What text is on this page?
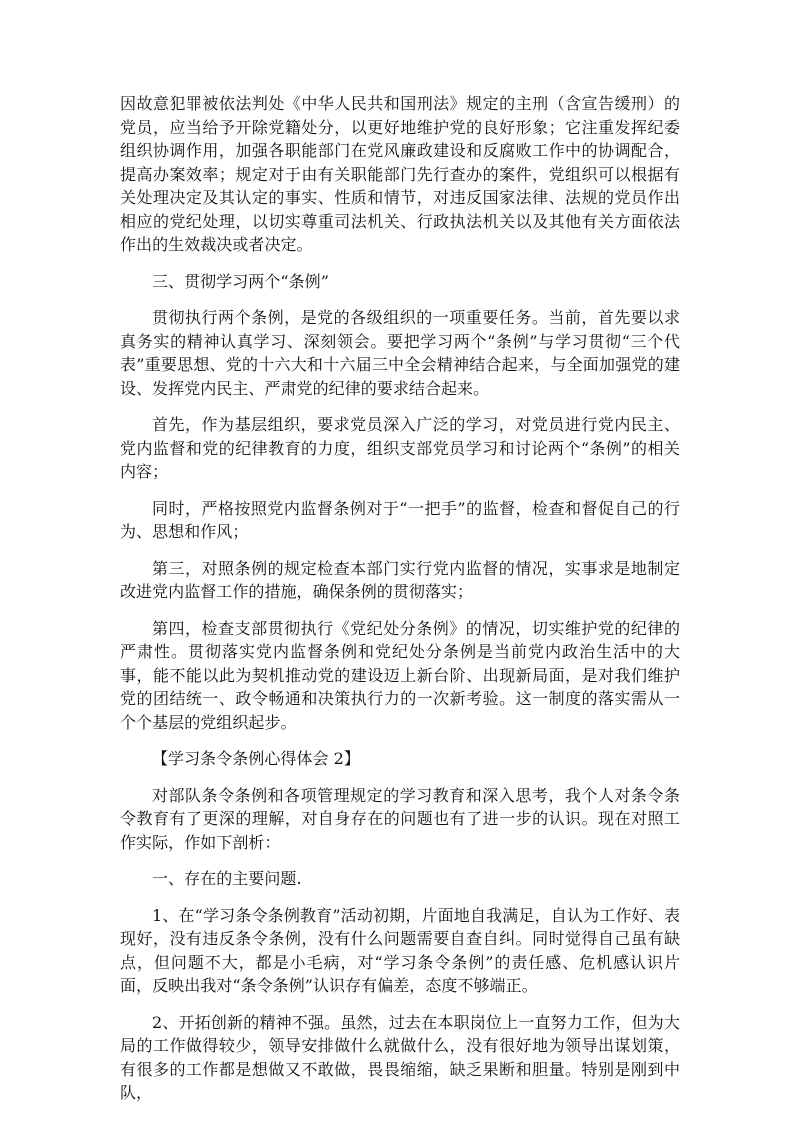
因故意犯罪被依法判处《中华人民共和国刑法》规定的主刑（含宣告缓刑）的党员，应当给予开除党籍处分，以更好地维护党的良好形象；它注重发挥纪委组织协调作用，加强各职能部门在党风廉政建设和反腐败工作中的协调配合，提高办案效率；规定对于由有关职能部门先行查办的案件，党组织可以根据有关处理决定及其认定的事实、性质和情节，对违反国家法律、法规的党员作出相应的党纪处理，以切实尊重司法机关、行政执法机关以及其他有关方面依法作出的生效裁决或者决定。

三、贯彻学习两个“条例”

贯彻执行两个条例，是党的各级组织的一项重要任务。当前，首先要以求真务实的精神认真学习、深刻领会。要把学习两个“条例”与学习贯彻“三个代表”重要思想、党的十六大和十六届三中全会精神结合起来，与全面加强党的建设、发挥党内民主、严肃党的纪律的要求结合起来。

首先，作为基层组织，要求党员深入广泛的学习，对党员进行党内民主、党内监督和党的纪律教育的力度，组织支部党员学习和讨论两个“条例”的相关内容；

同时，严格按照党内监督条例对于“一把手”的监督，检查和督促自己的行为、思想和作风；

第三，对照条例的规定检查本部门实行党内监督的情况，实事求是地制定改进党内监督工作的措施，确保条例的贯彻落实；

第四，检查支部贯彻执行《党纪处分条例》的情况，切实维护党的纪律的严肃性。贯彻落实党内监督条例和党纪处分条例是当前党内政治生活中的大事，能不能以此为契机推动党的建设迈上新台阶、出现新局面，是对我们维护党的团结统一、政令畅通和决策执行力的一次新考验。这一制度的落实需从一个个基层的党组织起步。

【学习条令条例心得体会 2】

对部队条令条例和各项管理规定的学习教育和深入思考，我个人对条令条令教育有了更深的理解，对自身存在的问题也有了进一步的认识。现在对照工作实际，作如下剖析：

一、存在的主要问题.

1、在“学习条令条例教育”活动初期，片面地自我满足，自认为工作好、表现好，没有违反条令条例，没有什么问题需要自查自纠。同时觉得自己虽有缺点，但问题不大，都是小毛病，对“学习条令条例”的责任感、危机感认识片面，反映出我对“条令条例”认识存有偏差，态度不够端正。

2、开拓创新的精神不强。虽然，过去在本职岗位上一直努力工作，但为大局的工作做得较少，领导安排做什么就做什么，没有很好地为领导出谋划策，有很多的工作都是想做又不敢做，畏畏缩缩，缺乏果断和胆量。特别是刚到中队，
